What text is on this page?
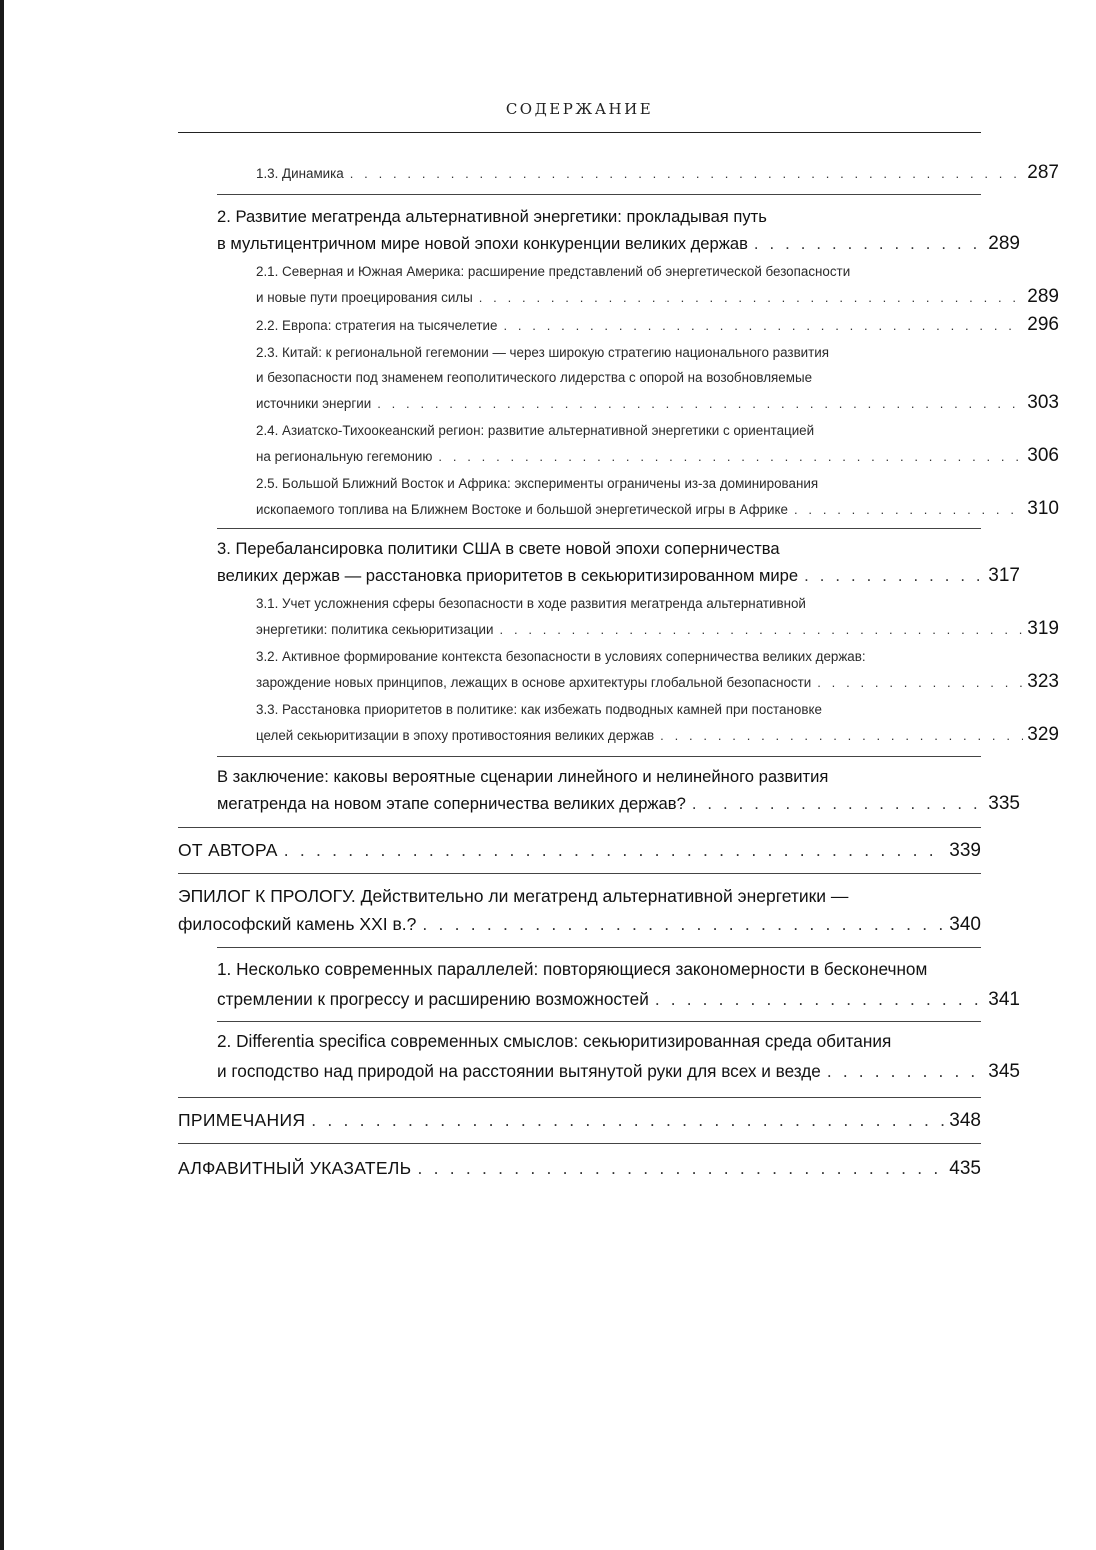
СОДЕРЖАНИЕ
1.3. Динамика . . .	287
2. Развитие мегатренда альтернативной энергетики: прокладывая путь
в мультицентричном мире новой эпохи конкуренции великих держав . . .	289
2.1. Северная и Южная Америка: расширение представлений об энергетической безопасности
и новые пути проецирования силы . . .	289
2.2. Европа: стратегия на тысячелетие . . .	296
2.3. Китай: к региональной гегемонии — через широкую стратегию национального развития
и безопасности под знаменем геополитического лидерства с опорой на возобновляемые
источники энергии . . .	303
2.4. Азиатско-Тихоокеанский регион: развитие альтернативной энергетики с ориентацией
на региональную гегемонию . . .	306
2.5. Большой Ближний Восток и Африка: эксперименты ограничены из-за доминирования
ископаемого топлива на Ближнем Востоке и большой энергетической игры в Африке . . .	310
3. Перебалансировка политики США в свете новой эпохи соперничества
великих держав — расстановка приоритетов в секьюритизированном мире . . .	317
3.1. Учет усложнения сферы безопасности в ходе развития мегатренда альтернативной
энергетики: политика секьюритизации . . .	319
3.2. Активное формирование контекста безопасности в условиях соперничества великих держав:
зарождение новых принципов, лежащих в основе архитектуры глобальной безопасности . . .	323
3.3. Расстановка приоритетов в политике: как избежать подводных камней при постановке
целей секьюритизации в эпоху противостояния великих держав . . .	329
В заключение: каковы вероятные сценарии линейного и нелинейного развития
мегатренда на новом этапе соперничества великих держав? . . .	335
ОТ АВТОРА . . .	339
ЭПИЛОГ К ПРОЛОГУ. Действительно ли мегатренд альтернативной энергетики —
философский камень XXI в.? . . .	340
1. Несколько современных параллелей: повторяющиеся закономерности в бесконечном
стремлении к прогрессу и расширению возможностей . . .	341
2. Differentia specifica современных смыслов: секьюритизированная среда обитания
и господство над природой на расстоянии вытянутой руки для всех и везде . . .	345
ПРИМЕЧАНИЯ . . .	348
АЛФАВИТНЫЙ УКАЗАТЕЛЬ . . .	435
